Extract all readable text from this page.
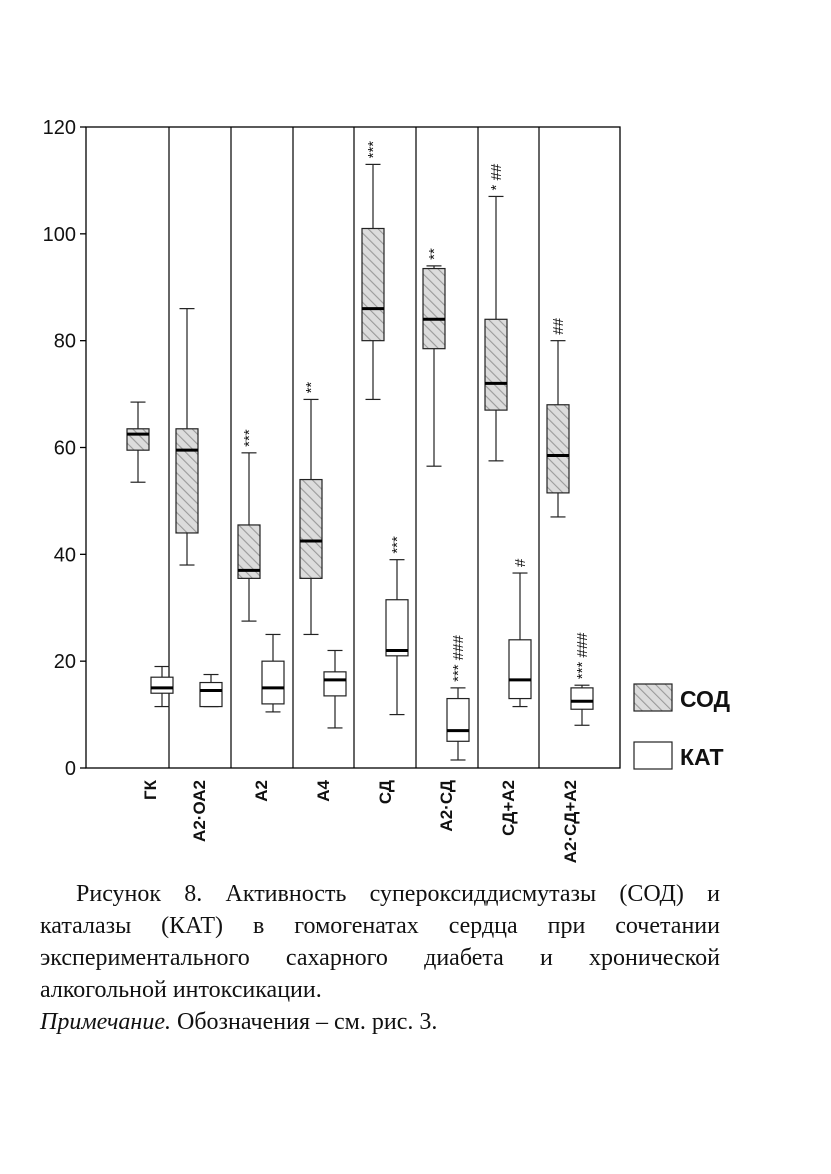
0
20
40
60
80
100
120
***
**
***
**
* ##
##
***
*** ###
#
*** ###
ГК А2·ОА2	А2	А4	СД А2·СД	СД+А2	А2·СД+А2
СОД
КАТ

Рисунок 8. Активность супероксиддисмутазы (СОД) и каталазы (КАТ) в гомогенатах сердца при сочетании экспериментального сахарного диабета и хронической алкогольной интоксикации.

Примечание. Обозначения – см. рис. 3.
